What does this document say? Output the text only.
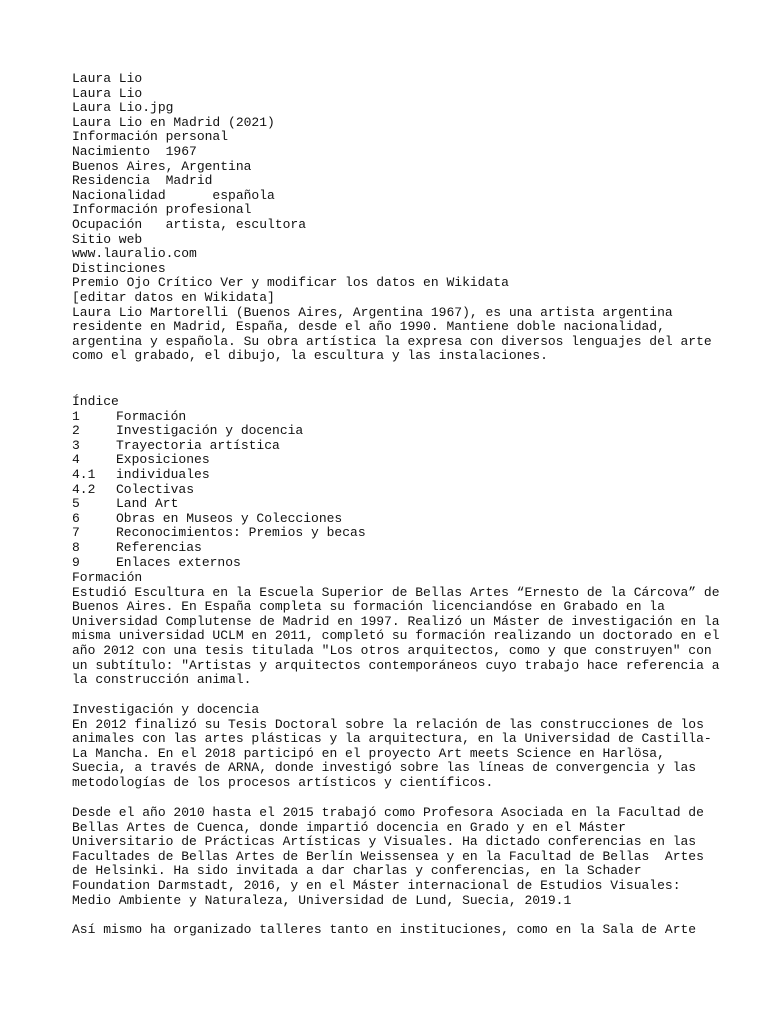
Laura Lio
Laura Lio
Laura Lio.jpg
Laura Lio en Madrid (2021)
Información personal
Nacimiento  1967
Buenos Aires, Argentina
Residencia  Madrid
Nacionalidad      española
Información profesional
Ocupación   artista, escultora
Sitio web
www.lauralio.com
Distinciones
Premio Ojo Crítico Ver y modificar los datos en Wikidata
[editar datos en Wikidata]
Laura Lio Martorelli (Buenos Aires, Argentina 1967), es una artista argentina
residente en Madrid, España, desde el año 1990. Mantiene doble nacionalidad,
argentina y española. Su obra artística la expresa con diversos lenguajes del arte
como el grabado, el dibujo, la escultura y las instalaciones.
Índice
1	Formación
2	Investigación y docencia
3	Trayectoria artística
4	Exposiciones
4.1	individuales
4.2	Colectivas
5	Land Art
6	Obras en Museos y Colecciones
7	Reconocimientos: Premios y becas
8	Referencias
9	Enlaces externos
Formación
Estudió Escultura en la Escuela Superior de Bellas Artes “Ernesto de la Cárcova” de
Buenos Aires. En España completa su formación licenciandóse en Grabado en la
Universidad Complutense de Madrid en 1997. Realizó un Máster de investigación en la
misma universidad UCLM en 2011, completó su formación realizando un doctorado en el
año 2012 con una tesis titulada "Los otros arquitectos, como y que construyen" con
un subtítulo: "Artistas y arquitectos contemporáneos cuyo trabajo hace referencia a
la construcción animal.
Investigación y docencia
En 2012 finalizó su Tesis Doctoral sobre la relación de las construcciones de los
animales con las artes plásticas y la arquitectura, en la Universidad de Castilla-
La Mancha. En el 2018 participó en el proyecto Art meets Science en Harlösa,
Suecia, a través de ARNA, donde investigó sobre las líneas de convergencia y las
metodologías de los procesos artísticos y científicos.
Desde el año 2010 hasta el 2015 trabajó como Profesora Asociada en la Facultad de
Bellas Artes de Cuenca, donde impartió docencia en Grado y en el Máster
Universitario de Prácticas Artísticas y Visuales. Ha dictado conferencias en las
Facultades de Bellas Artes de Berlín Weissensea y en la Facultad de Bellas  Artes
de Helsinki. Ha sido invitada a dar charlas y conferencias, en la Schader
Foundation Darmstadt, 2016, y en el Máster internacional de Estudios Visuales:
Medio Ambiente y Naturaleza, Universidad de Lund, Suecia, 2019.1
Así mismo ha organizado talleres tanto en instituciones, como en la Sala de Arte
